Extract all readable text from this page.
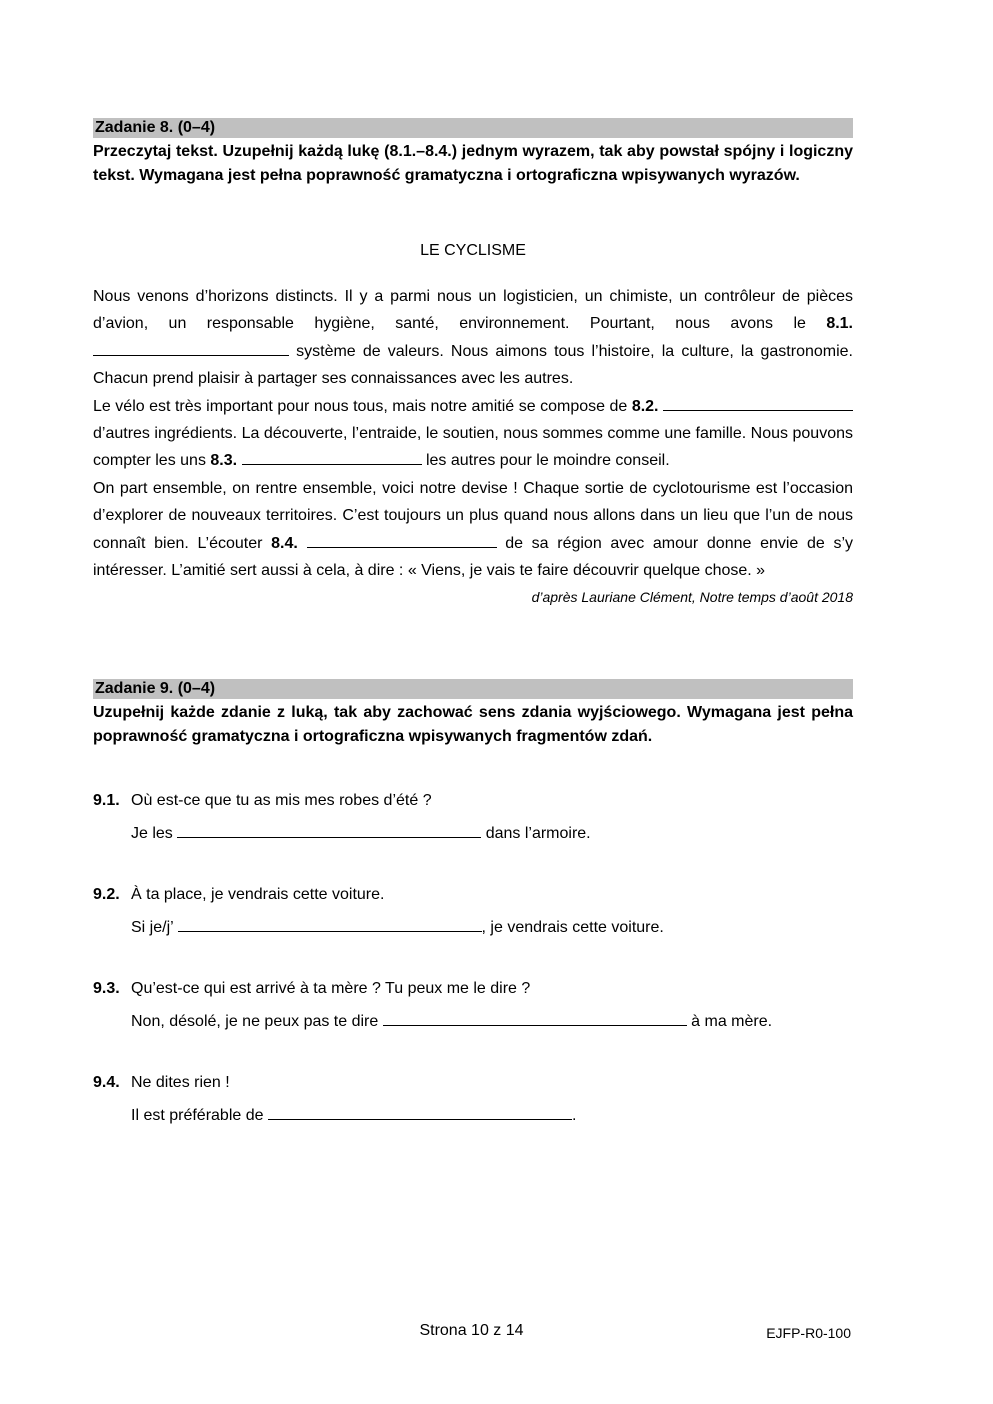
Zadanie 8. (0–4)
Przeczytaj tekst. Uzupełnij każdą lukę (8.1.–8.4.) jednym wyrazem, tak aby powstał spójny i logiczny tekst. Wymagana jest pełna poprawność gramatyczna i ortograficzna wpisywanych wyrazów.
LE CYCLISME

Nous venons d’horizons distincts. Il y a parmi nous un logisticien, un chimiste, un contrôleur de pièces d’avion, un responsable hygiène, santé, environnement. Pourtant, nous avons le 8.1.  système de valeurs. Nous aimons tous l’histoire, la culture, la gastronomie. Chacun prend plaisir à partager ses connaissances avec les autres.

Le vélo est très important pour nous tous, mais notre amitié se compose de 8.2.  d’autres ingrédients. La découverte, l’entraide, le soutien, nous sommes comme une famille. Nous pouvons compter les uns 8.3.	les autres pour le moindre conseil.

On part ensemble, on rentre ensemble, voici notre devise ! Chaque sortie de cyclotourisme est l’occasion d’explorer de nouveaux territoires. C’est toujours un plus quand nous allons dans un lieu que l’un de nous connaît bien. L’écouter 8.4.	de sa région avec amour donne envie de s’y intéresser. L’amitié sert aussi à cela, à dire : « Viens, je vais te faire découvrir quelque chose. »

d’après Lauriane Clément, Notre temps d’août 2018
Zadanie 9. (0–4)
Uzupełnij każde zdanie z luką, tak aby zachować sens zdania wyjściowego. Wymagana jest pełna poprawność gramatyczna i ortograficzna wpisywanych fragmentów zdań.
9.1. Où est-ce que tu as mis mes robes d’été ?
Je les	dans l’armoire.
9.2. À ta place, je vendrais cette voiture.
Si je/j’	, je vendrais cette voiture.
9.3. Qu’est-ce qui est arrivé à ta mère ? Tu peux me le dire ?
Non, désolé, je ne peux pas te dire	à ma mère.
9.4. Ne dites rien !
Il est préférable de	.
Strona 10 z 14	EJFP-R0-100
